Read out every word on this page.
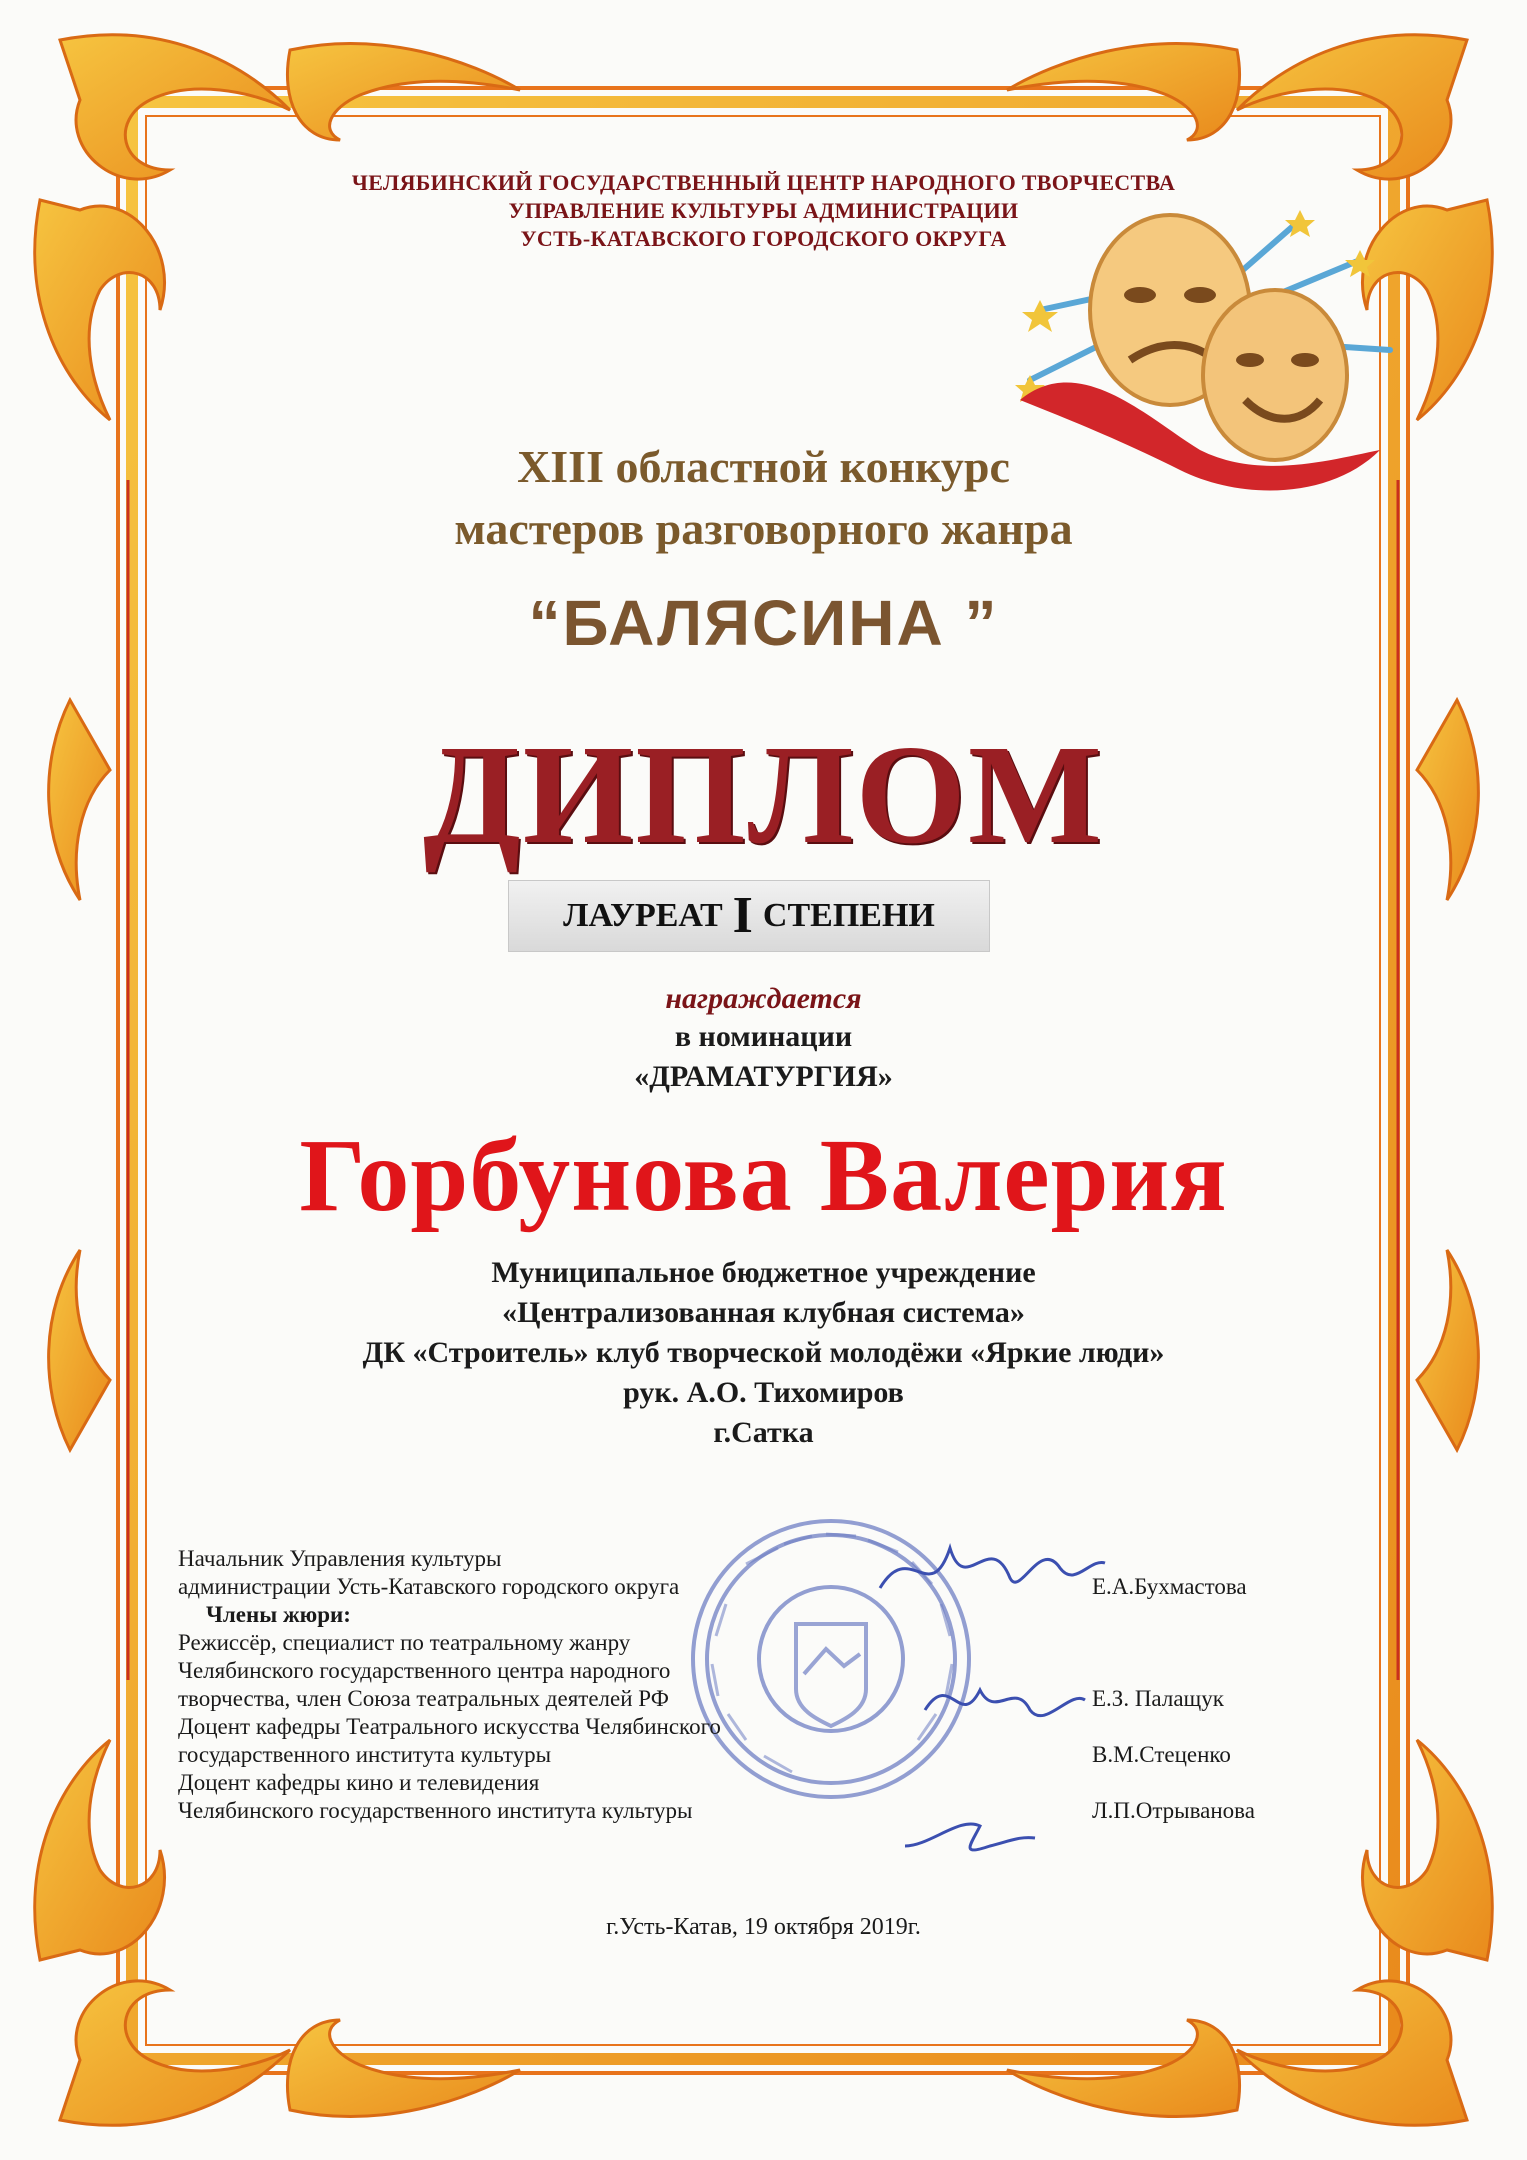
ЧЕЛЯБИНСКИЙ ГОСУДАРСТВЕННЫЙ ЦЕНТР НАРОДНОГО ТВОРЧЕСТВА
УПРАВЛЕНИЕ КУЛЬТУРЫ АДМИНИСТРАЦИИ
УСТЬ-КАТАВСКОГО ГОРОДСКОГО ОКРУГА
XIII областной конкурс
мастеров разговорного жанра
“БАЛЯСИНА ”
ДИПЛОМ
ЛАУРЕАТ I СТЕПЕНИ
награждается
в номинации
«ДРАМАТУРГИЯ»
Горбунова Валерия
Муниципальное бюджетное учреждение
«Централизованная клубная система»
ДК «Строитель» клуб творческой молодёжи «Яркие люди»
рук. А.О. Тихомиров
г.Сатка
Начальник Управления культуры
администрации Усть-Катавского городского округа	Е.А.Бухмастова
Члены жюри:
Режиссёр, специалист по театральному жанру
Челябинского государственного центра народного
творчества, член Союза театральных деятелей РФ	Е.З. Палащук
Доцент кафедры Театрального искусства Челябинского
государственного института культуры	В.М.Стеценко
Доцент кафедры кино и телевидения
Челябинского государственного института культуры	Л.П.Отрыванова
г.Усть-Катав, 19 октября 2019г.
